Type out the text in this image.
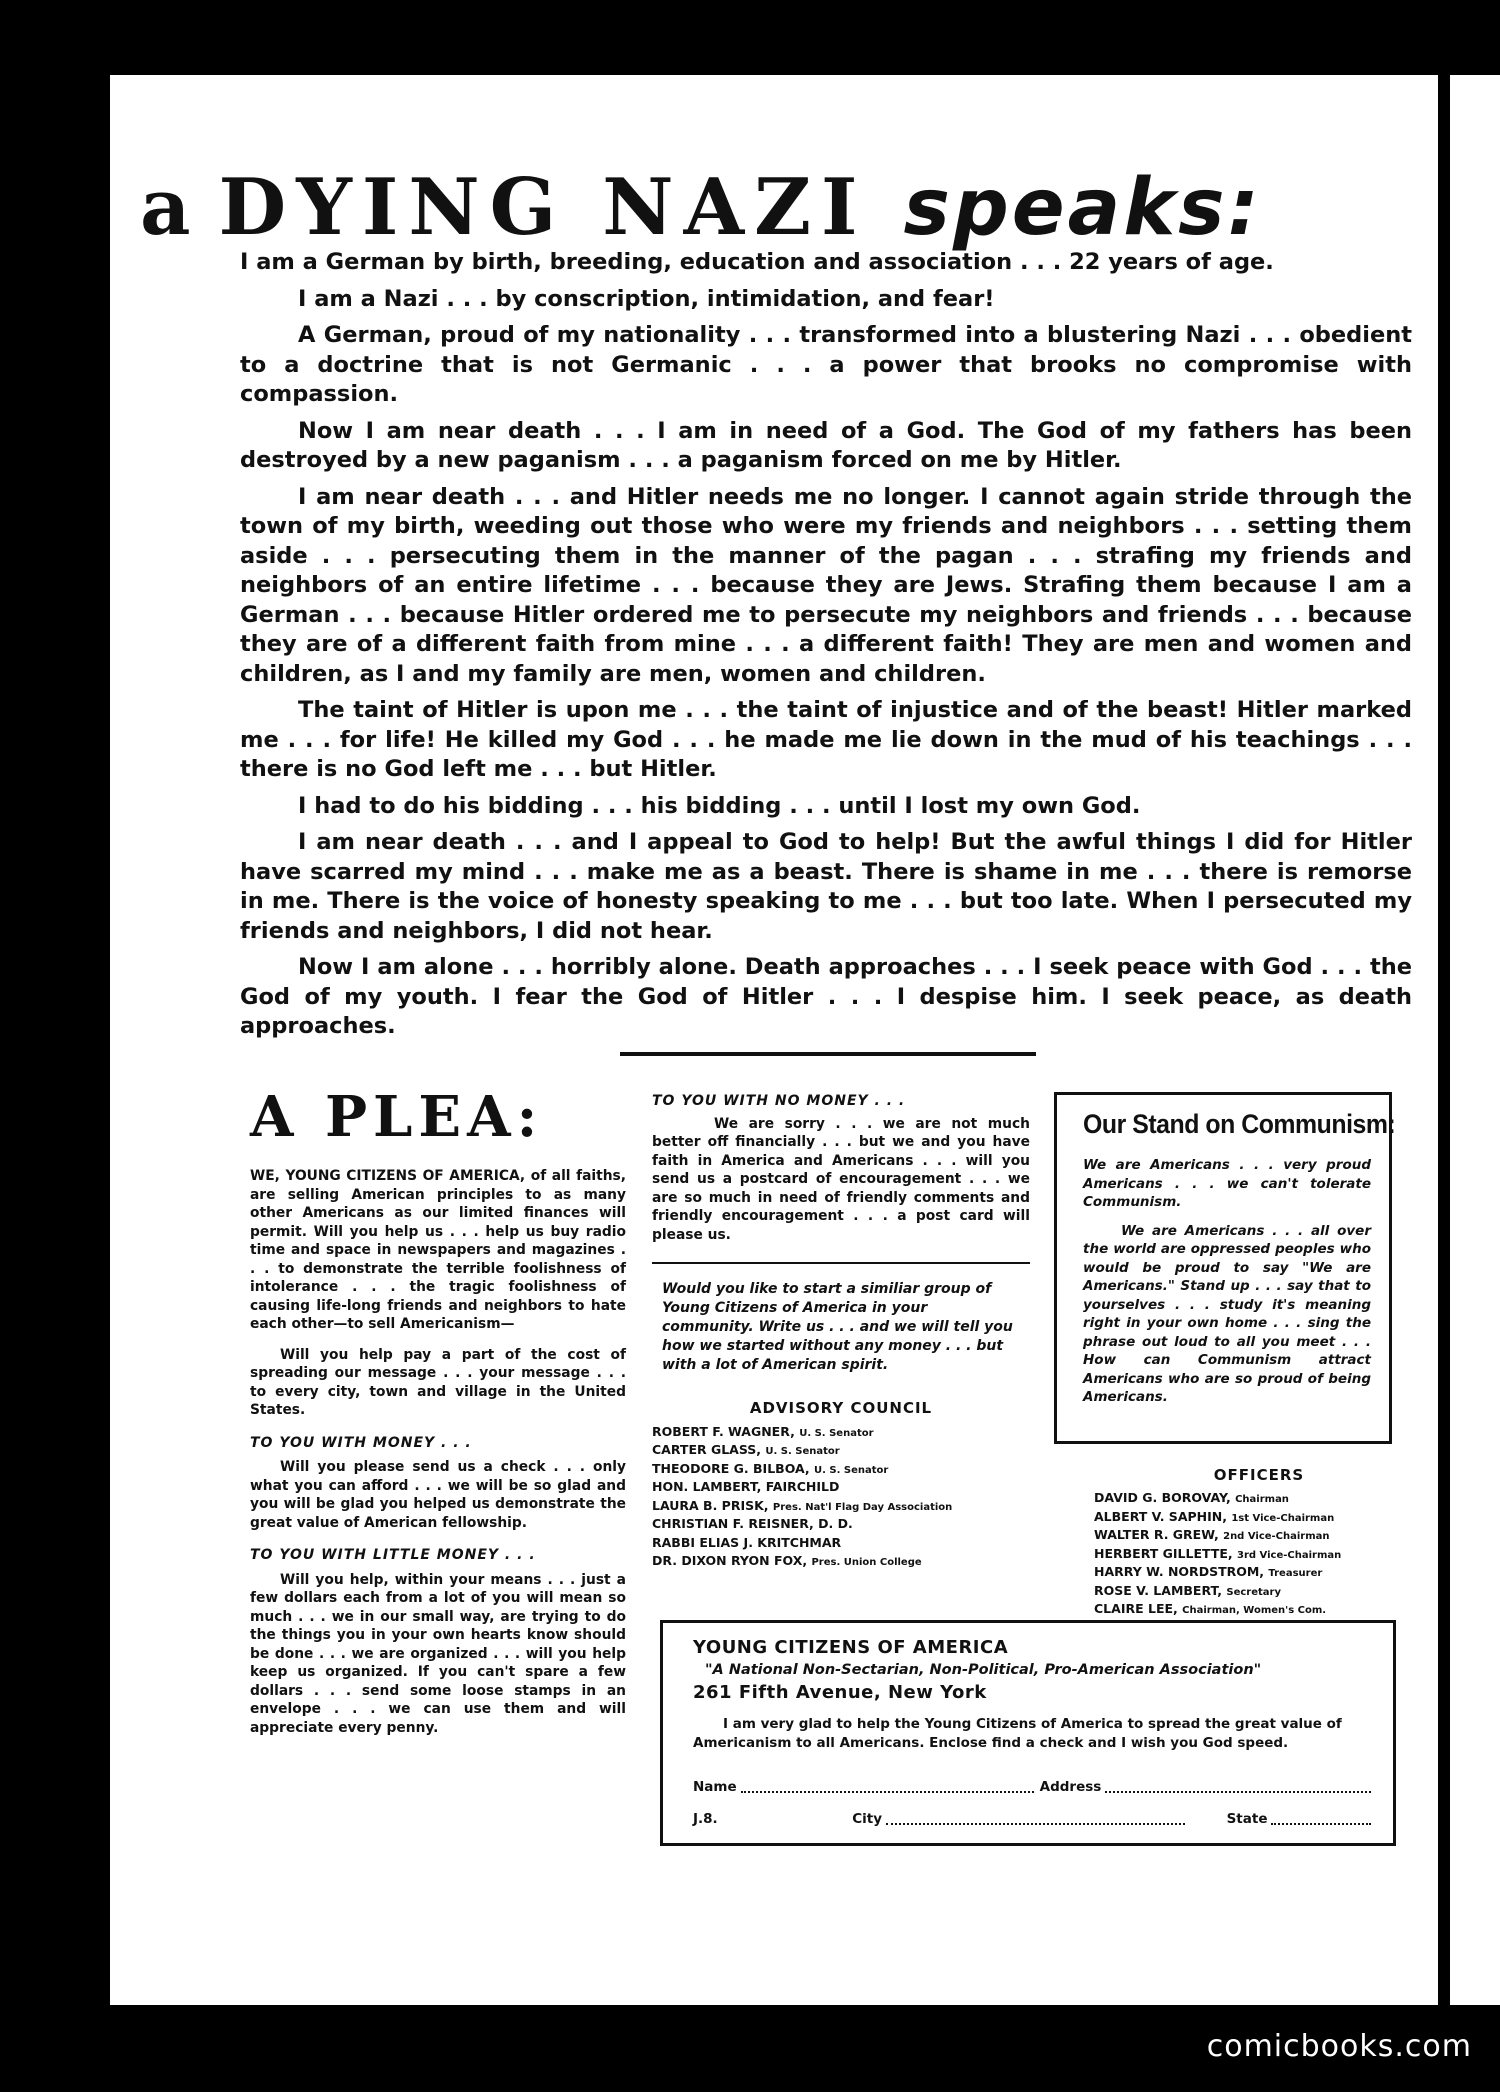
a DYING NAZI speaks:

I am a German by birth, breeding, education and association . . . 22 years of age.

I am a Nazi . . . by conscription, intimidation, and fear!

A German, proud of my nationality . . . transformed into a blustering Nazi . . . obedient to a doctrine that is not Germanic . . . a power that brooks no compromise with compassion.

Now I am near death . . . I am in need of a God. The God of my fathers has been destroyed by a new paganism . . . a paganism forced on me by Hitler.

I am near death . . . and Hitler needs me no longer. I cannot again stride through the town of my birth, weeding out those who were my friends and neighbors . . . setting them aside . . . persecuting them in the manner of the pagan . . . strafing my friends and neighbors of an entire lifetime . . . because they are Jews. Strafing them because I am a German . . . because Hitler ordered me to persecute my neighbors and friends . . . because they are of a different faith from mine . . . a different faith! They are men and women and children, as I and my family are men, women and children.

The taint of Hitler is upon me . . . the taint of injustice and of the beast! Hitler marked me . . . for life! He killed my God . . . he made me lie down in the mud of his teachings . . . there is no God left me . . . but Hitler.

I had to do his bidding . . . his bidding . . . until I lost my own God.

I am near death . . . and I appeal to God to help! But the awful things I did for Hitler have scarred my mind . . . make me as a beast. There is shame in me . . . there is remorse in me. There is the voice of honesty speaking to me . . . but too late. When I persecuted my friends and neighbors, I did not hear.

Now I am alone . . . horribly alone. Death approaches . . . I seek peace with God . . . the God of my youth. I fear the God of Hitler . . . I despise him. I seek peace, as death approaches.

A PLEA:

WE, YOUNG CITIZENS OF AMERICA, of all faiths, are selling American principles to as many other Americans as our limited finances will permit. Will you help us . . . help us buy radio time and space in newspapers and magazines . . . to demonstrate the terrible foolishness of intolerance . . . the tragic foolishness of causing life-long friends and neighbors to hate each other—to sell Americanism—

Will you help pay a part of the cost of spreading our message . . . your message . . . to every city, town and village in the United States.

TO YOU WITH MONEY . . .

Will you please send us a check . . . only what you can afford . . . we will be so glad and you will be glad you helped us demonstrate the great value of American fellowship.

TO YOU WITH LITTLE MONEY . . .

Will you help, within your means . . . just a few dollars each from a lot of you will mean so much . . . we in our small way, are trying to do the things you in your own hearts know should be done . . . we are organized . . . will you help keep us organized. If you can't spare a few dollars . . . send some loose stamps in an envelope . . . we can use them and will appreciate every penny.

TO YOU WITH NO MONEY . . .

We are sorry . . . we are not much better off financially . . . but we and you have faith in America and Americans . . . will you send us a postcard of encouragement . . . we are so much in need of friendly comments and friendly encouragement . . . a post card will please us.

Would you like to start a similiar group of Young Citizens of America in your community. Write us . . . and we will tell you how we started without any money . . . but with a lot of American spirit.

ADVISORY COUNCIL
ROBERT F. WAGNER, U. S. Senator
CARTER GLASS, U. S. Senator
THEODORE G. BILBOA, U. S. Senator
HON. LAMBERT, FAIRCHILD
LAURA B. PRISK, Pres. Nat'l Flag Day Association
CHRISTIAN F. REISNER, D. D.
RABBI ELIAS J. KRITCHMAR
DR. DIXON RYON FOX, Pres. Union College
Our Stand on Communism:

We are Americans . . . very proud Americans . . . we can't tolerate Communism.

We are Americans . . . all over the world are oppressed peoples who would be proud to say "We are Americans." Stand up . . . say that to yourselves . . . study it's meaning right in your own home . . . sing the phrase out loud to all you meet . . . How can Communism attract Americans who are so proud of being Americans.

OFFICERS
DAVID G. BOROVAY, Chairman
ALBERT V. SAPHIN, 1st Vice-Chairman
WALTER R. GREW, 2nd Vice-Chairman
HERBERT GILLETTE, 3rd Vice-Chairman
HARRY W. NORDSTROM, Treasurer
ROSE V. LAMBERT, Secretary
CLAIRE LEE, Chairman, Women's Com.
YOUNG CITIZENS OF AMERICA
"A National Non-Sectarian, Non-Political, Pro-American Association"
261 Fifth Avenue, New York
I am very glad to help the Young Citizens of America to spread the great value of Americanism to all Americans. Enclose find a check and I wish you God speed.
Name	Address
J.8.	City	State
comicbooks.com
